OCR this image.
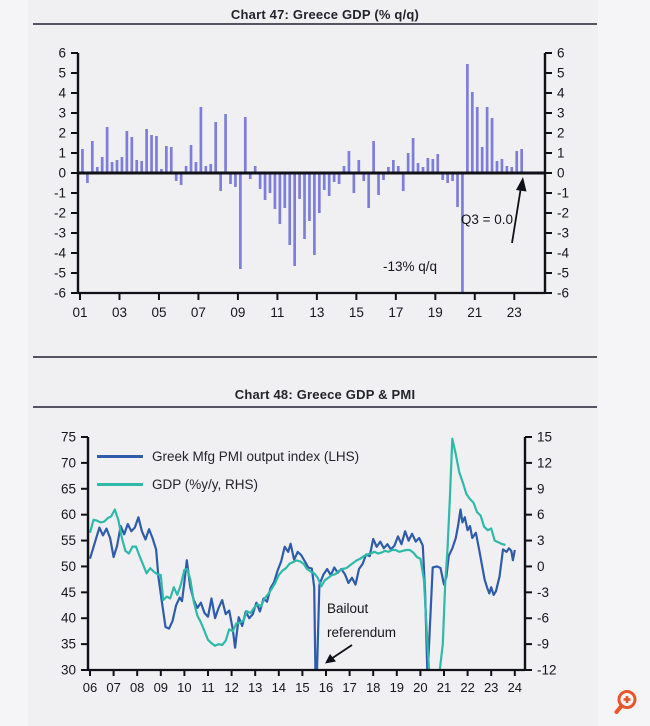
Chart 47: Greece GDP (% q/q)
Chart 48: Greece GDP & PMI
6	6
5	5
4	4
3	3
2	2
1	1
0	0
-1	-1
-2	-2
-3	-3
-4	-4
-5	-5
-6	-6
01 03 05 07 09 11 13 15 17 19 21 23
75
70
65
60
55
50
45
40
35
30
15
12
9
6
3
0
-3
-6
-9
-12
06 07 08 09 10 11 12 13 14 15 16 17 18 19 20 21 22 23 24
Q3 = 0.0
-13% q/q
Greek Mfg PMI output index (LHS)
GDP (%y/y, RHS)
Bailout
referendum
